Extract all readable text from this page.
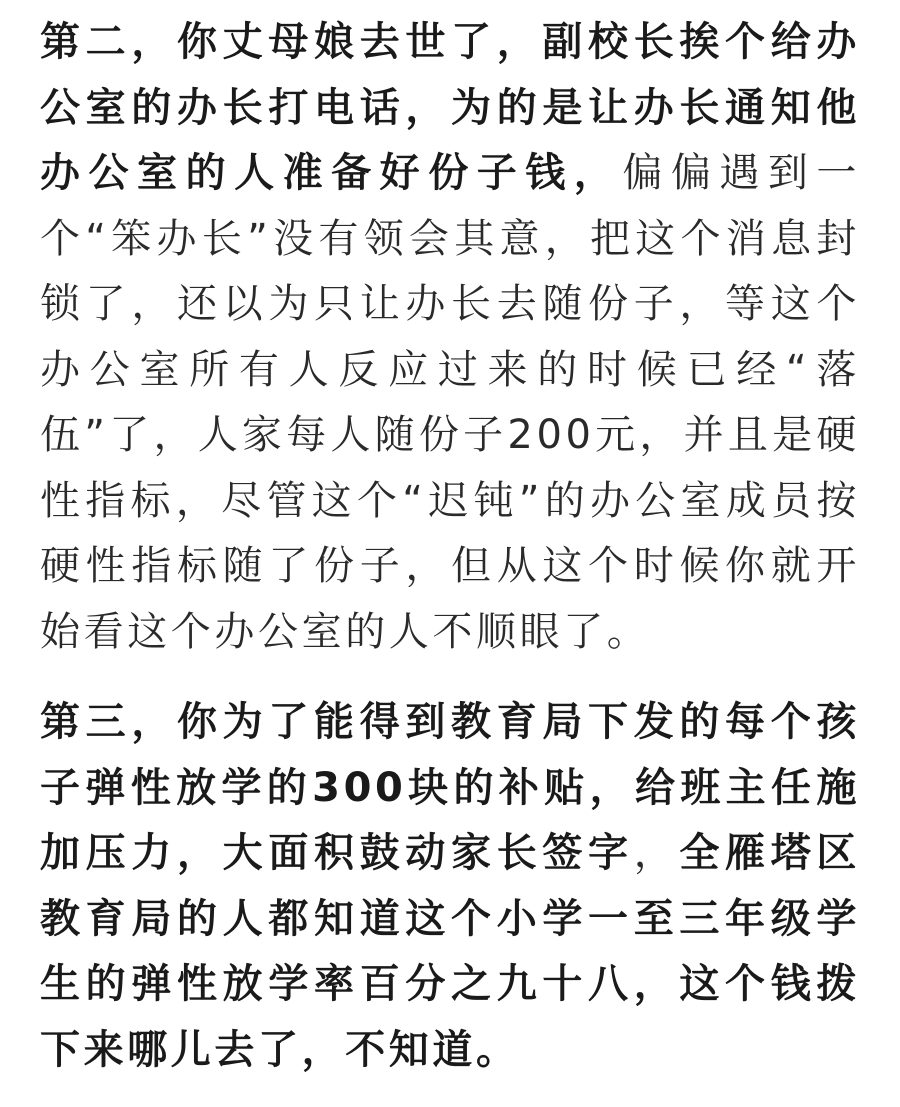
第二，你丈母娘去世了，副校长挨个给办公室的办长打电话，为的是让办长通知他办公室的人准备好份子钱，偏偏遇到一个“笨办长”没有领会其意，把这个消息封锁了，还以为只让办长去随份子，等这个办公室所有人反应过来的时候已经“落伍”了，人家每人随份子200元，并且是硬性指标，尽管这个“迟钝”的办公室成员按硬性指标随了份子，但从这个时候你就开始看这个办公室的人不顺眼了。

第三，你为了能得到教育局下发的每个孩子弹性放学的300块的补贴，给班主任施加压力，大面积鼓动家长签字，全雁塔区教育局的人都知道这个小学一至三年级学生的弹性放学率百分之九十八，这个钱拨下来哪儿去了，不知道。
